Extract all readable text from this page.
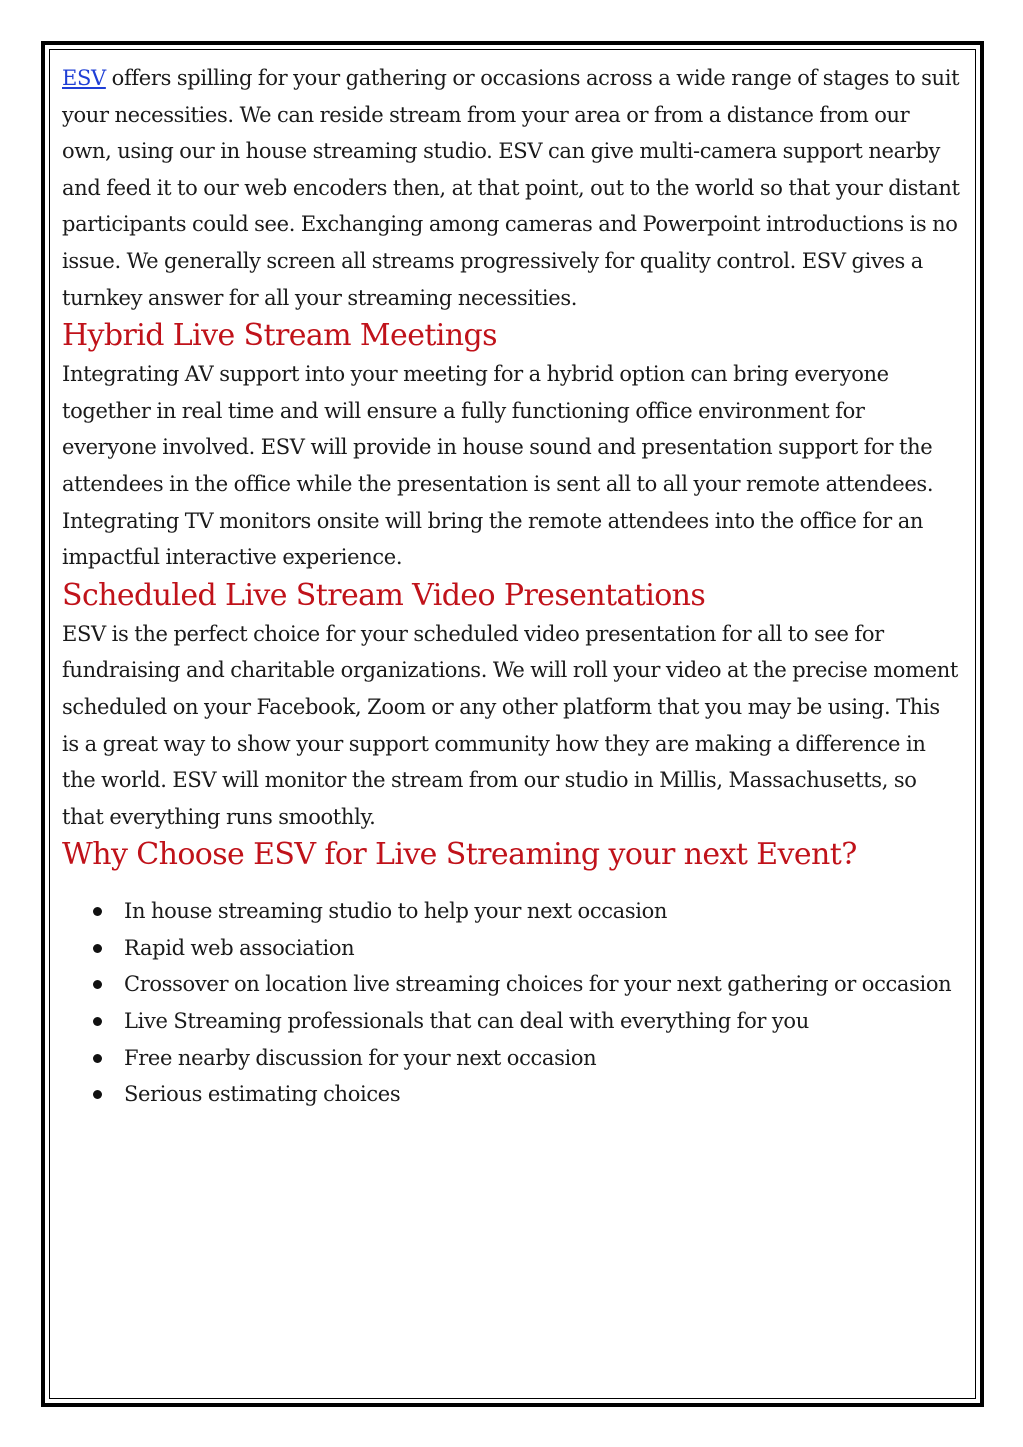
ESV offers spilling for your gathering or occasions across a wide range of stages to suit your necessities. We can reside stream from your area or from a distance from our own, using our in house streaming studio. ESV can give multi-camera support nearby and feed it to our web encoders then, at that point, out to the world so that your distant participants could see. Exchanging among cameras and Powerpoint introductions is no issue. We generally screen all streams progressively for quality control. ESV gives a turnkey answer for all your streaming necessities.

Hybrid Live Stream Meetings

Integrating AV support into your meeting for a hybrid option can bring everyone together in real time and will ensure a fully functioning office environment for everyone involved. ESV will provide in house sound and presentation support for the attendees in the office while the presentation is sent all to all your remote attendees. Integrating TV monitors onsite will bring the remote attendees into the office for an impactful interactive experience.

Scheduled Live Stream Video Presentations

ESV is the perfect choice for your scheduled video presentation for all to see for fundraising and charitable organizations. We will roll your video at the precise moment scheduled on your Facebook, Zoom or any other platform that you may be using. This is a great way to show your support community how they are making a difference in the world. ESV will monitor the stream from our studio in Millis, Massachusetts, so that everything runs smoothly.

Why Choose ESV for Live Streaming your next Event?
In house streaming studio to help your next occasion
Rapid web association
Crossover on location live streaming choices for your next gathering or occasion
Live Streaming professionals that can deal with everything for you
Free nearby discussion for your next occasion
Serious estimating choices
